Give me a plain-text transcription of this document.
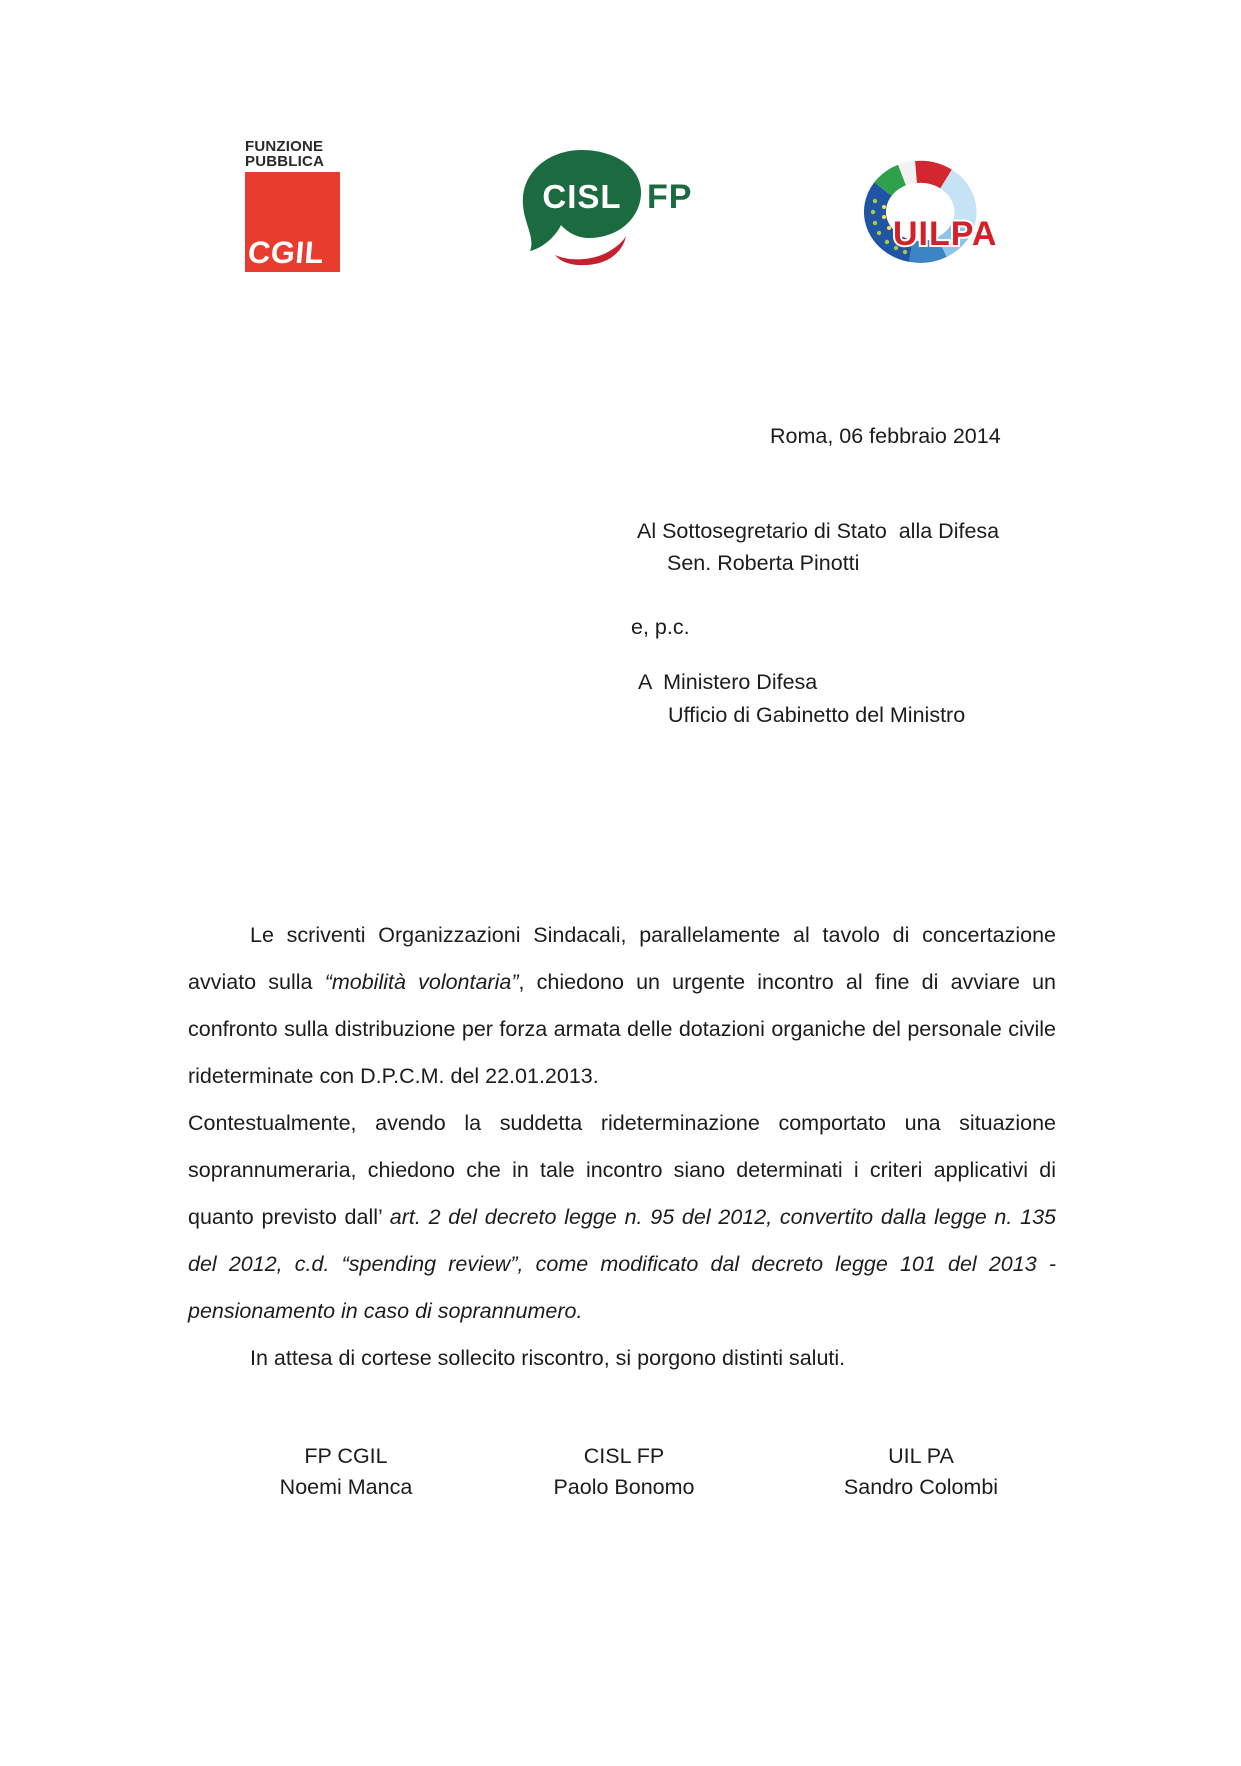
FUNZIONE
PUBBLICA
CGIL
CISL FP
UILPA
Roma, 06 febbraio 2014
Al Sottosegretario di Stato  alla Difesa
Sen. Roberta Pinotti
e, p.c.
A  Ministero Difesa
Ufficio di Gabinetto del Ministro

Le scriventi Organizzazioni Sindacali, parallelamente al tavolo di concertazione avviato sulla “mobilità volontaria”, chiedono un urgente incontro al fine di avviare un confronto sulla distribuzione per forza armata delle dotazioni organiche del personale civile rideterminate con D.P.C.M. del 22.01.2013.

Contestualmente, avendo la suddetta rideterminazione comportato una situazione soprannumeraria, chiedono che in tale incontro siano determinati i criteri applicativi di quanto previsto dall’ art. 2 del decreto legge n. 95 del 2012, convertito dalla legge n. 135 del 2012, c.d. “spending review”, come modificato dal decreto legge 101 del 2013 - pensionamento in caso di soprannumero.

In attesa di cortese sollecito riscontro, si porgono distinti saluti.

FP CGIL
Noemi Manca
CISL FP
Paolo Bonomo
UIL PA
Sandro Colombi
